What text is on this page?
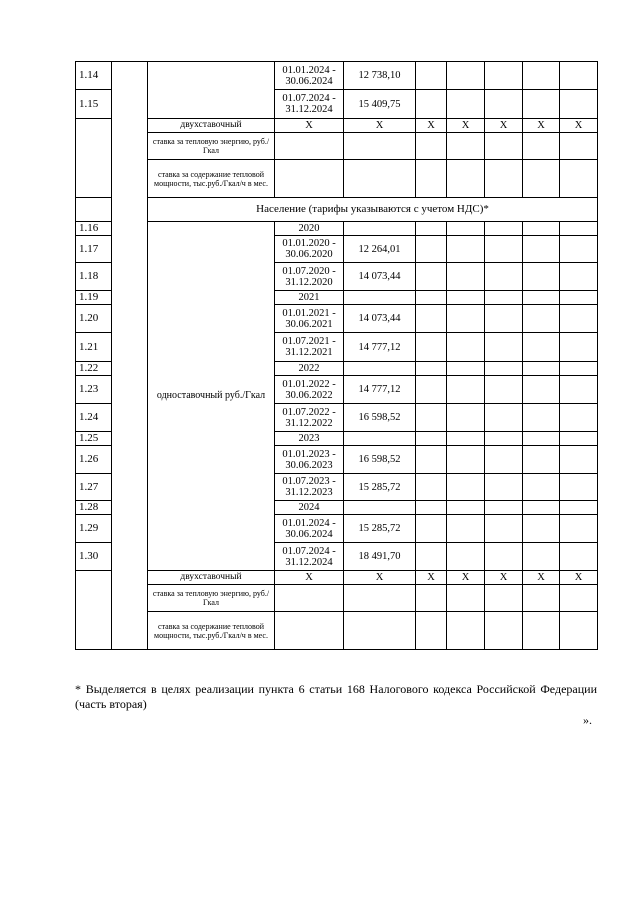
1.14			01.01.2024 - 30.06.2024	12 738,10					
1.15			01.07.2024 - 31.12.2024	15 409,75					
		двухставочный	X	X	X	X	X	X	X
		ставка за тепловую энергию, руб./Гкал							
		ставка за содержание тепловой мощности, тыс.руб./Гкал/ч в мес.							
		Население (тарифы указываются с учетом НДС)*							
1.16		одноставочный руб./Гкал	2020						
1.17			01.01.2020 - 30.06.2020	12 264,01					
1.18			01.07.2020 - 31.12.2020	14 073,44					
1.19			2021						
1.20			01.01.2021 - 30.06.2021	14 073,44					
1.21			01.07.2021 - 31.12.2021	14 777,12					
1.22			2022						
1.23			01.01.2022 - 30.06.2022	14 777,12					
1.24			01.07.2022 - 31.12.2022	16 598,52					
1.25			2023						
1.26			01.01.2023 - 30.06.2023	16 598,52					
1.27			01.07.2023 - 31.12.2023	15 285,72					
1.28			2024						
1.29			01.01.2024 - 30.06.2024	15 285,72					
1.30			01.07.2024 - 31.12.2024	18 491,70					
		двухставочный	X	X	X	X	X	X	X
		ставка за тепловую энергию, руб./Гкал							
		ставка за содержание тепловой мощности, тыс.руб./Гкал/ч в мес.							
* Выделяется в целях реализации пункта 6 статьи 168 Налогового кодекса Российской Федерации (часть вторая)
».
